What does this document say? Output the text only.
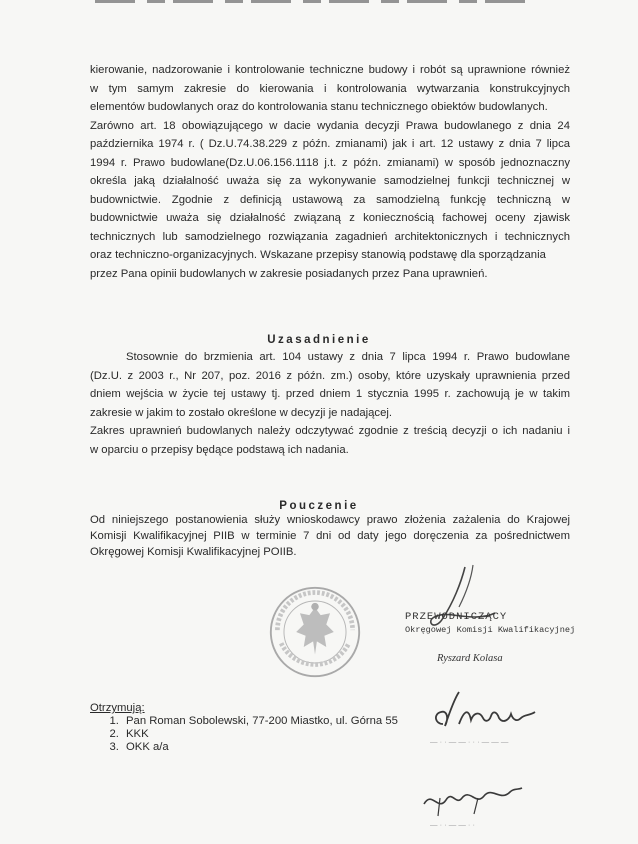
kierowanie, nadzorowanie i kontrolowanie techniczne budowy i robót są uprawnione również
w tym samym zakresie do kierowania i kontrolowania wytwarzania konstrukcyjnych
elementów budowlanych oraz do kontrolowania stanu technicznego obiektów budowlanych.
Zarówno art. 18 obowiązującego w dacie wydania decyzji Prawa budowlanego z dnia 24
października 1974 r. ( Dz.U.74.38.229 z późn. zmianami) jak i art. 12 ustawy z dnia 7 lipca
1994 r. Prawo budowlane(Dz.U.06.156.1118 j.t. z późn. zmianami) w sposób jednoznaczny
określa jaką działalność uważa się za wykonywanie samodzielnej funkcji technicznej w
budownictwie. Zgodnie z definicją ustawową za samodzielną funkcję techniczną w
budownictwie uważa się działalność związaną z koniecznością fachowej oceny zjawisk
technicznych lub samodzielnego rozwiązania zagadnień architektonicznych i technicznych
oraz techniczno-organizacyjnych. Wskazane przepisy stanowią podstawę dla sporządzania
przez Pana opinii budowlanych w zakresie posiadanych przez Pana uprawnień.
Uzasadnienie
Stosownie do brzmienia art. 104 ustawy z dnia 7 lipca 1994 r. Prawo budowlane
(Dz.U. z 2003 r., Nr 207, poz. 2016 z późn. zm.) osoby, które uzyskały uprawnienia przed
dniem wejścia w życie tej ustawy tj. przed dniem 1 stycznia 1995 r. zachowują je w takim
zakresie w jakim to zostało określone w decyzji je nadającej.
Zakres uprawnień budowlanych należy odczytywać zgodnie z treścią decyzji o ich nadaniu i
w oparciu o przepisy będące podstawą ich nadania.
Pouczenie
Od niniejszego postanowienia służy wnioskodawcy prawo złożenia zażalenia do Krajowej
Komisji Kwalifikacyjnej PIIB w terminie 7 dni od daty jego doręczenia za pośrednictwem
Okręgowej Komisji Kwalifikacyjnej POIIB.
PRZEWODNICZĄCY
Okręgowej Komisji Kwalifikacyjnej
Ryszard Kolasa
Otrzymują:
1. Pan Roman Sobolewski, 77-200 Miastko, ul. Górna 55
2. KKK
3. OKK a/a	— · · — — · · · — — —
— · · — — · ·
